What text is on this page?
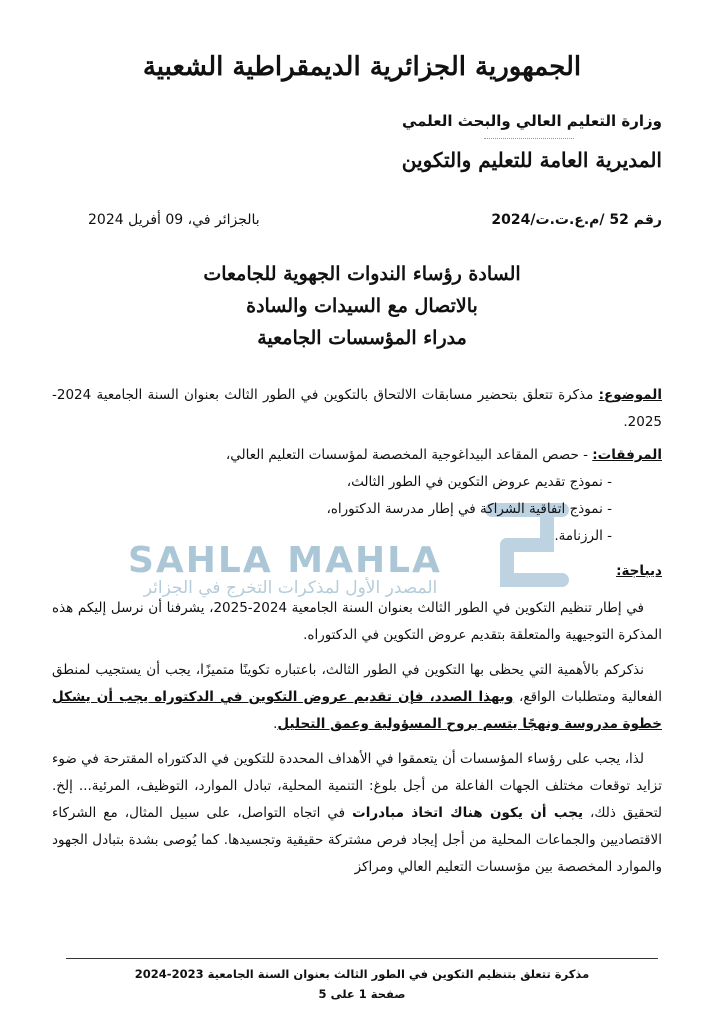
الجمهورية الجزائرية الديمقراطية الشعبية
وزارة التعليم العالي والبحث العلمي
المديرية العامة للتعليم والتكوين
رقم 52 /م.ع.ت.ت/2024
بالجزائر في، 09 أفريل 2024
السادة رؤساء الندوات الجهوية للجامعات
بالاتصال مع السيدات والسادة
مدراء المؤسسات الجامعية
SAHLA MAHLA
المصدر الأول لمذكرات التخرج في الجزائر

الموضوع: مذكرة تتعلق بتحضير مسابقات الالتحاق بالتكوين في الطور الثالث بعنوان السنة الجامعية 2024-2025.

المرفقات: - حصص المقاعد البيداغوجية المخصصة لمؤسسات التعليم العالي،

- نموذج تقديم عروض التكوين في الطور الثالث،
- نموذج اتفاقية الشراكة في إطار مدرسة الدكتوراه،
- الرزنامة.

ديباجة:

في إطار تنظيم التكوين في الطور الثالث بعنوان السنة الجامعية 2024-2025، يشرفنا أن نرسل إليكم هذه المذكرة التوجيهية والمتعلقة بتقديم عروض التكوين في الدكتوراه.

نذكركم بالأهمية التي يحظى بها التكوين في الطور الثالث، باعتباره تكوينًا متميزًا، يجب أن يستجيب لمنطق الفعالية ومتطلبات الواقع، وبهذا الصدد، فإن تقديم عروض التكوين في الدكتوراه يجب أن يشكل خطوة مدروسة ونهجًا يتسم بروح المسؤولية وعمق التحليل.

لذا، يجب على رؤساء المؤسسات أن يتعمقوا في الأهداف المحددة للتكوين في الدكتوراه المقترحة في ضوء تزايد توقعات مختلف الجهات الفاعلة من أجل بلوغ: التنمية المحلية، تبادل الموارد، التوظيف، المرئية... إلخ. لتحقيق ذلك، يجب أن يكون هناك اتخاذ مبادرات في اتجاه التواصل، على سبيل المثال، مع الشركاء الاقتصاديين والجماعات المحلية من أجل إيجاد فرص مشتركة حقيقية وتجسيدها. كما يُوصى بشدة بتبادل الجهود والموارد المخصصة بين مؤسسات التعليم العالي ومراكز

مذكرة تتعلق بتنظيم التكوين في الطور الثالث بعنوان السنة الجامعية 2023-2024
صفحة 1 على 5
